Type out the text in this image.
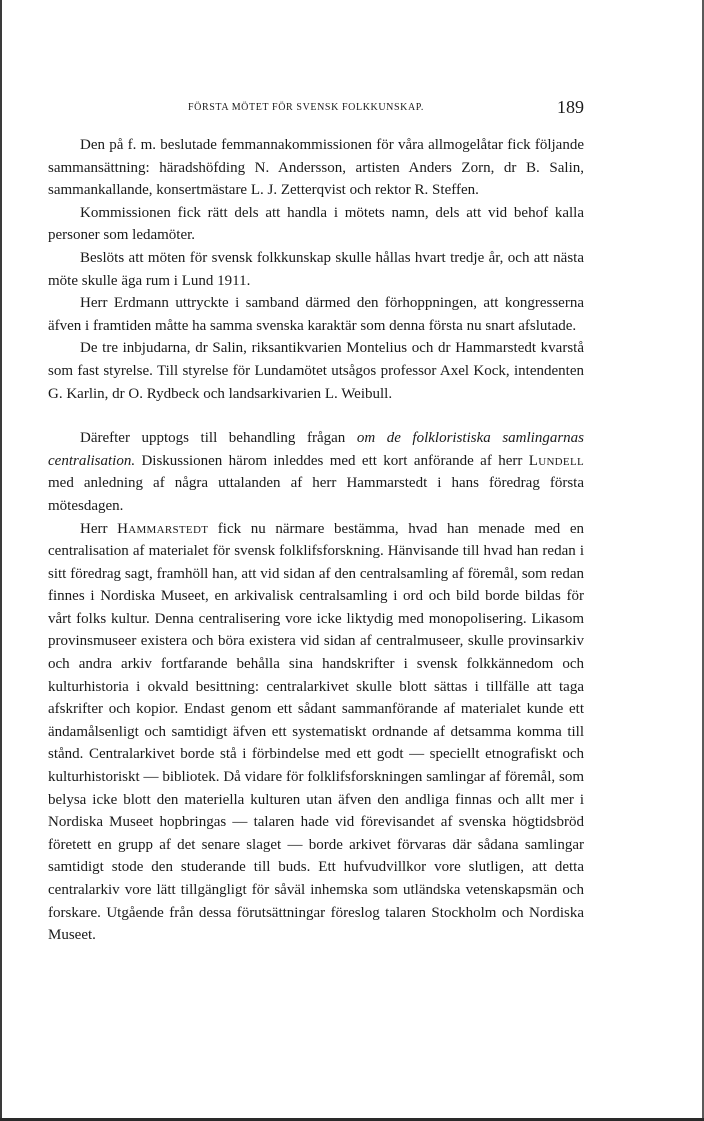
FÖRSTA MÖTET FÖR SVENSK FOLKKUNSKAP.	189

Den på f. m. beslutade femmannakommissionen för våra allmogelåtar fick följande sammansättning: häradshöfding N. Andersson, artisten Anders Zorn, dr B. Salin, sammankallande, konsertmästare L. J. Zetterqvist och rektor R. Steffen.

Kommissionen fick rätt dels att handla i mötets namn, dels att vid behof kalla personer som ledamöter.

Beslöts att möten för svensk folkkunskap skulle hållas hvart tredje år, och att nästa möte skulle äga rum i Lund 1911.

Herr Erdmann uttryckte i samband därmed den förhoppningen, att kongresserna äfven i framtiden måtte ha samma svenska karaktär som denna första nu snart afslutade.

De tre inbjudarna, dr Salin, riksantikvarien Montelius och dr Hammarstedt kvarstå som fast styrelse. Till styrelse för Lundamötet utsågos professor Axel Kock, intendenten G. Karlin, dr O. Rydbeck och landsarkivarien L. Weibull.

Därefter upptogs till behandling frågan om de folkloristiska samlingarnas centralisation. Diskussionen härom inleddes med ett kort anförande af herr Lundell med anledning af några uttalanden af herr Hammarstedt i hans föredrag första mötesdagen.

Herr Hammarstedt fick nu närmare bestämma, hvad han menade med en centralisation af materialet för svensk folklifsforskning. Hänvisande till hvad han redan i sitt föredrag sagt, framhöll han, att vid sidan af den centralsamling af föremål, som redan finnes i Nordiska Museet, en arkivalisk centralsamling i ord och bild borde bildas för vårt folks kultur. Denna centralisering vore icke liktydig med monopolisering. Likasom provinsmuseer existera och böra existera vid sidan af centralmuseer, skulle provinsarkiv och andra arkiv fortfarande behålla sina handskrifter i svensk folkkännedom och kulturhistoria i okvald besittning: centralarkivet skulle blott sättas i tillfälle att taga afskrifter och kopior. Endast genom ett sådant sammanförande af materialet kunde ett ändamålsenligt och samtidigt äfven ett systematiskt ordnande af detsamma komma till stånd. Centralarkivet borde stå i förbindelse med ett godt — speciellt etnografiskt och kulturhistoriskt — bibliotek. Då vidare för folklifsforskningen samlingar af föremål, som belysa icke blott den materiella kulturen utan äfven den andliga finnas och allt mer i Nordiska Museet hopbringas — talaren hade vid förevisandet af svenska högtidsbröd företett en grupp af det senare slaget — borde arkivet förvaras där sådana samlingar samtidigt stode den studerande till buds. Ett hufvudvillkor vore slutligen, att detta centralarkiv vore lätt tillgängligt för såväl inhemska som utländska vetenskapsmän och forskare. Utgående från dessa förutsättningar föreslog talaren Stockholm och Nordiska Museet.
